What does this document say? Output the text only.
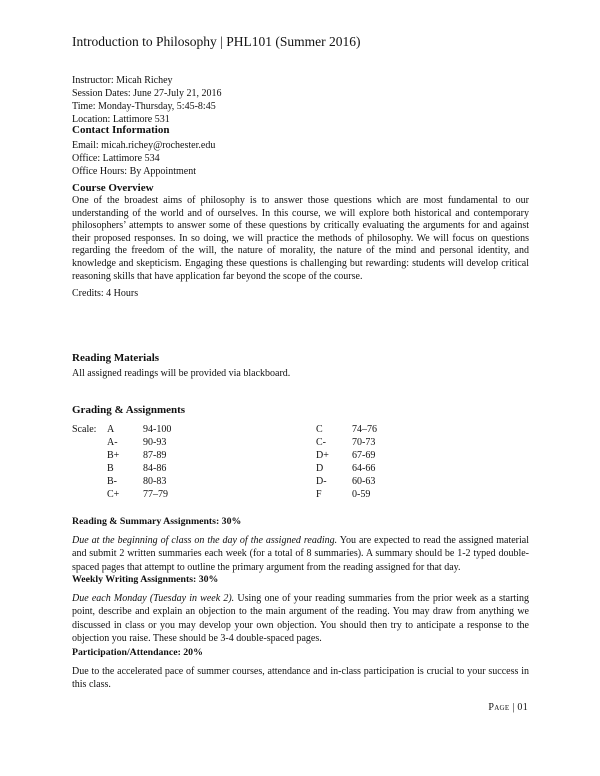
Introduction to Philosophy | PHL101 (Summer 2016)

Instructor: Micah Richey

Session Dates: June 27-July 21, 2016

Time: Monday-Thursday, 5:45-8:45

Location: Lattimore 531

Contact Information

Email: micah.richey@rochester.edu

Office: Lattimore 534

Office Hours: By Appointment

Course Overview

One of the broadest aims of philosophy is to answer those questions which are most fundamental to our understanding of the world and of ourselves. In this course, we will explore both historical and contemporary philosophers’ attempts to answer some of these questions by critically evaluating the arguments for and against their proposed responses. In so doing, we will practice the methods of philosophy. We will focus on questions regarding the freedom of the will, the nature of morality, the nature of the mind and personal identity, and knowledge and skepticism. Engaging these questions is challenging but rewarding: students will develop critical reasoning skills that have application far beyond the scope of the course.

Credits: 4 Hours

Reading Materials

All assigned readings will be provided via blackboard.

Grading & Assignments
Scale: A	94-100	C	74–76
A-	90-93	C-	70-73
B+ 87-89	D+ 67-69
B	84-86	D	64-66
B-	80-83	D-	60-63
C+ 77–79	F	0-59
Reading & Summary Assignments: 30%

Due at the beginning of class on the day of the assigned reading. You are expected to read the assigned material and submit 2 written summaries each week (for a total of 8 summaries). A summary should be 1-2 typed double-spaced pages that attempt to outline the primary argument from the reading assigned for that day.

Weekly Writing Assignments: 30%

Due each Monday (Tuesday in week 2). Using one of your reading summaries from the prior week as a starting point, describe and explain an objection to the main argument of the reading. You may draw from anything we discussed in class or you may develop your own objection. You should then try to anticipate a response to the objection you raise. These should be 3-4 double-spaced pages.

Participation/Attendance: 20%

Due to the accelerated pace of summer courses, attendance and in-class participation is crucial to your success in this class.

Page | 01
